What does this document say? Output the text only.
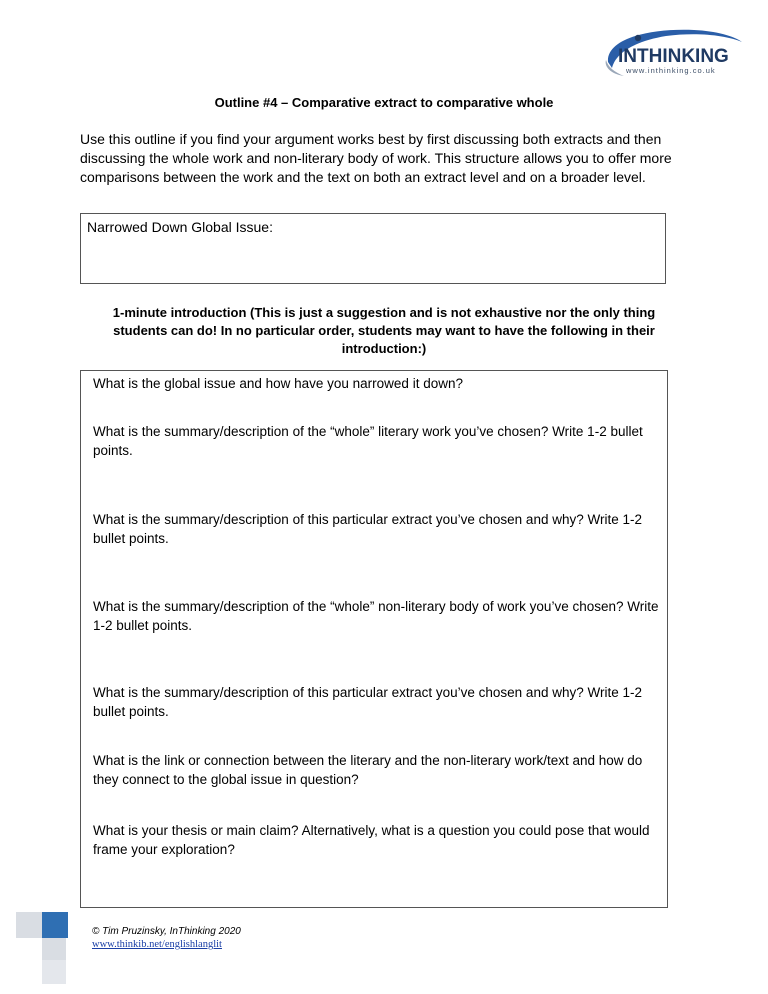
INTHINKING
www.inthinking.co.uk
Outline #4 – Comparative extract to comparative whole
Use this outline if you find your argument works best by first discussing both extracts and then discussing the whole work and non-literary body of work. This structure allows you to offer more comparisons between the work and the text on both an extract level and on a broader level.
Narrowed Down Global Issue:
1-minute introduction (This is just a suggestion and is not exhaustive nor the only thing students can do! In no particular order, students may want to have the following in their introduction:)
What is the global issue and how have you narrowed it down?
What is the summary/description of the “whole” literary work you’ve chosen? Write 1-2 bullet points.
What is the summary/description of this particular extract you’ve chosen and why? Write 1-2 bullet points.
What is the summary/description of the “whole” non-literary body of work you’ve chosen? Write 1-2 bullet points.
What is the summary/description of this particular extract you’ve chosen and why? Write 1-2 bullet points.
What is the link or connection between the literary and the non-literary work/text and how do they connect to the global issue in question?
What is your thesis or main claim? Alternatively, what is a question you could pose that would frame your exploration?
© Tim Pruzinsky, InThinking 2020
www.thinkib.net/englishlanglit
